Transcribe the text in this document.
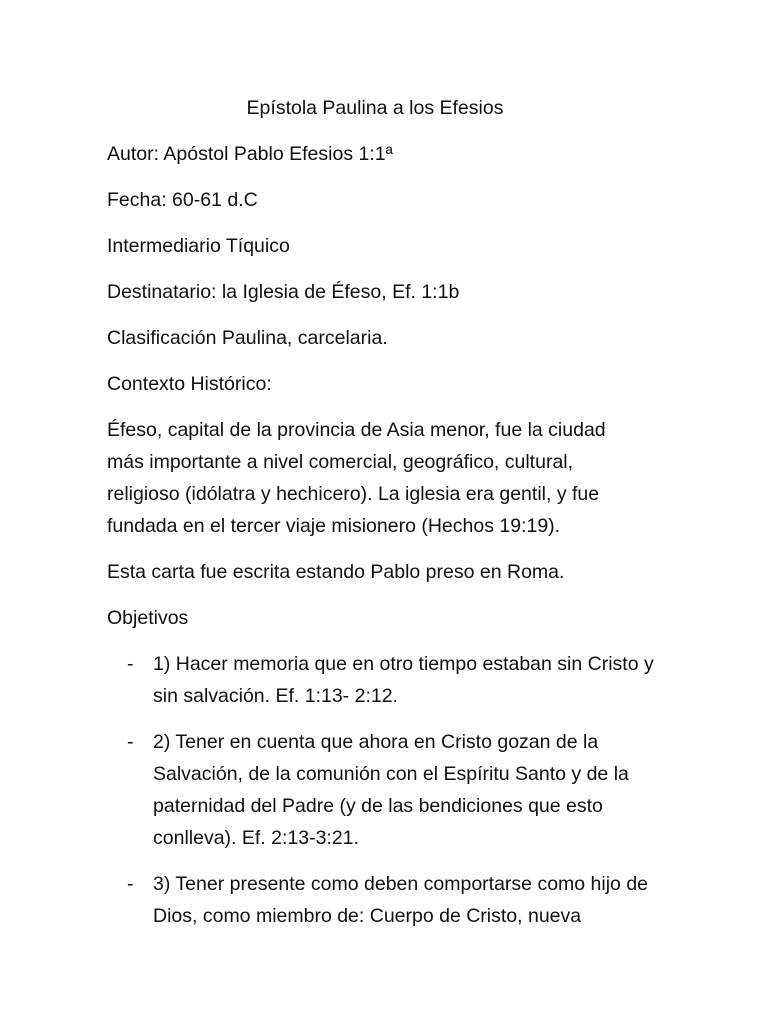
Epístola Paulina a los Efesios
Autor: Apóstol Pablo Efesios 1:1ª
Fecha: 60-61 d.C
Intermediario Tíquico
Destinatario: la Iglesia de Éfeso, Ef. 1:1b
Clasificación Paulina, carcelaria.
Contexto Histórico:
Éfeso, capital de la provincia de Asia menor, fue la ciudad más importante a nivel comercial, geográfico, cultural, religioso (idólatra y hechicero). La iglesia era gentil, y fue fundada en el tercer viaje misionero (Hechos 19:19).
Esta carta fue escrita estando Pablo preso en Roma.
Objetivos
- 1) Hacer memoria que en otro tiempo estaban sin Cristo y sin salvación. Ef. 1:13- 2:12.
- 2) Tener en cuenta que ahora en Cristo gozan de la Salvación, de la comunión con el Espíritu Santo y de la paternidad del Padre (y de las bendiciones que esto conlleva). Ef. 2:13-3:21.
- 3) Tener presente como deben comportarse como hijo de Dios, como miembro de: Cuerpo de Cristo, nueva
